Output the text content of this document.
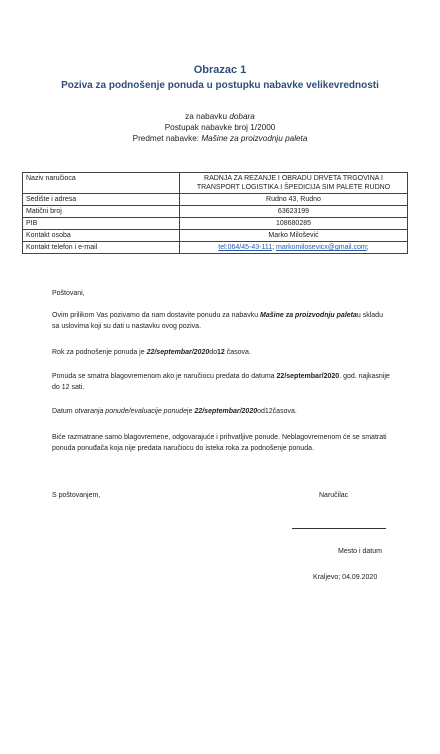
Obrazac 1
Poziva za podnošenje ponuda u postupku nabavke velikevrednosti
za nabavku dobara
Postupak nabavke broj 1/2000
Predmet nabavke: Mašine za proizvodnju paleta
Naziv naručioca	RADNJA ZA REZANJE I OBRADU DRVETA TRGOVINA I TRANSPORT LOGISTIKA I ŠPEDICIJA SIM PALETE RUDNO
Sedište i adresa	Rudno 43, Rudno
Matični broj	63623199
PIB	108680285
Kontakt osoba	Marko Milošević
Kontakt telefon i e-mail	tel:064/45-43-111; markomilosevicx@gmail.com;
Poštovani,
Ovim prilikom Vas pozivamo da nam dostavite ponudu za nabavku Mašine za proizvodnju paletau skladu sa uslovima koji su dati u nastavku ovog poziva.
Rok za podnošenje ponuda je 22/septembar/2020do12 časova.
Ponuda se smatra blagovremenom ako je naručiocu predata do datuma 22/septembar/2020. god. najkasnije do 12 sati.
Datum otvaranja ponude/evaluacije ponudeje 22/septembar/2020od12časova.
Biće razmatrane samo blagovremene, odgovarajuće i prihvatljive ponude. Neblagovremenom će se smatrati ponuda ponuđača koja nije predata naručiocu do isteka roka za podnošenje ponuda.
S poštovanjem,	Naručilac
Mesto i datum
Kraljevo; 04.09.2020
